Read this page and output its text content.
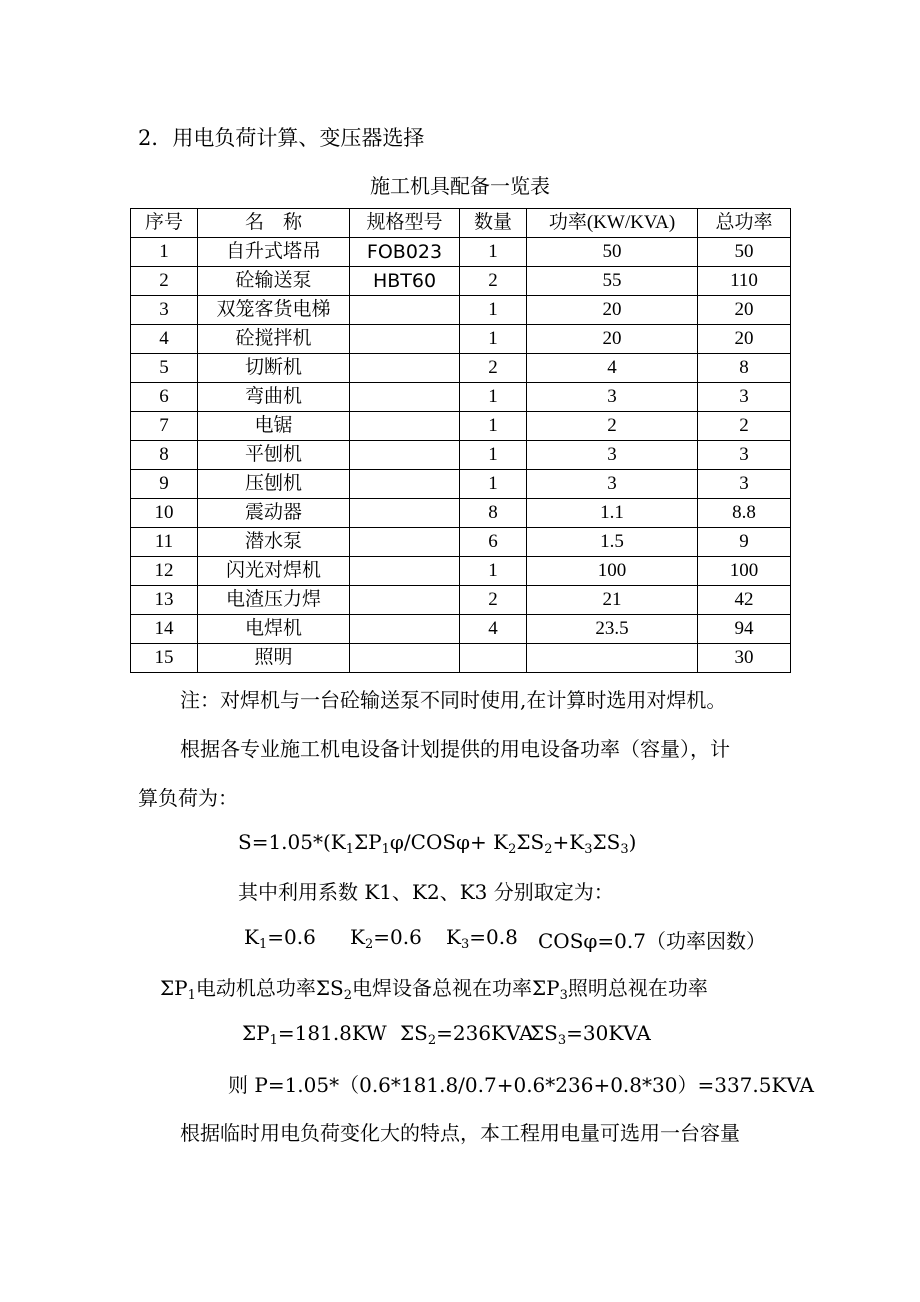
2．用电负荷计算、变压器选择
施工机具配备一览表
序号	名　称	规格型号	数量	功率(KW/KVA)	总功率
1	自升式塔吊	FOB023	1	50	50
2	砼输送泵	HBT60	2	55	110
3	双笼客货电梯		1	20	20
4	砼搅拌机		1	20	20
5	切断机		2	4	8
6	弯曲机		1	3	3
7	电锯		1	2	2
8	平刨机		1	3	3
9	压刨机		1	3	3
10	震动器		8	1.1	8.8
11	潜水泵		6	1.5	9
12	闪光对焊机		1	100	100
13	电渣压力焊		2	21	42
14	电焊机		4	23.5	94
15	照明				30
注：对焊机与一台砼输送泵不同时使用,在计算时选用对焊机。
根据各专业施工机电设备计划提供的用电设备功率（容量），计
算负荷为：
$S=1.05*(K_1\Sigma P_1\varphi/COS\varphi+ K_2\Sigma S_2+K_3\Sigma S_3)$
其中利用系数 K1、K2、K3 分别取定为：
$K_1=0.6$ $K_2=0.6$ $K_3=0.8$ COSφ=0.7（功率因数）
$\Sigma P_1$电动机总功率$\Sigma S_2$电焊设备总视在功率$\Sigma P_3$照明总视在功率
$\Sigma P_1=181.8KW$ $\Sigma S_2=236KVA$
$\Sigma S_3=30KVA$
则 P=1.05*（0.6*181.8/0.7+0.6*236+0.8*30）=337.5KVA
根据临时用电负荷变化大的特点，本工程用电量可选用一台容量
